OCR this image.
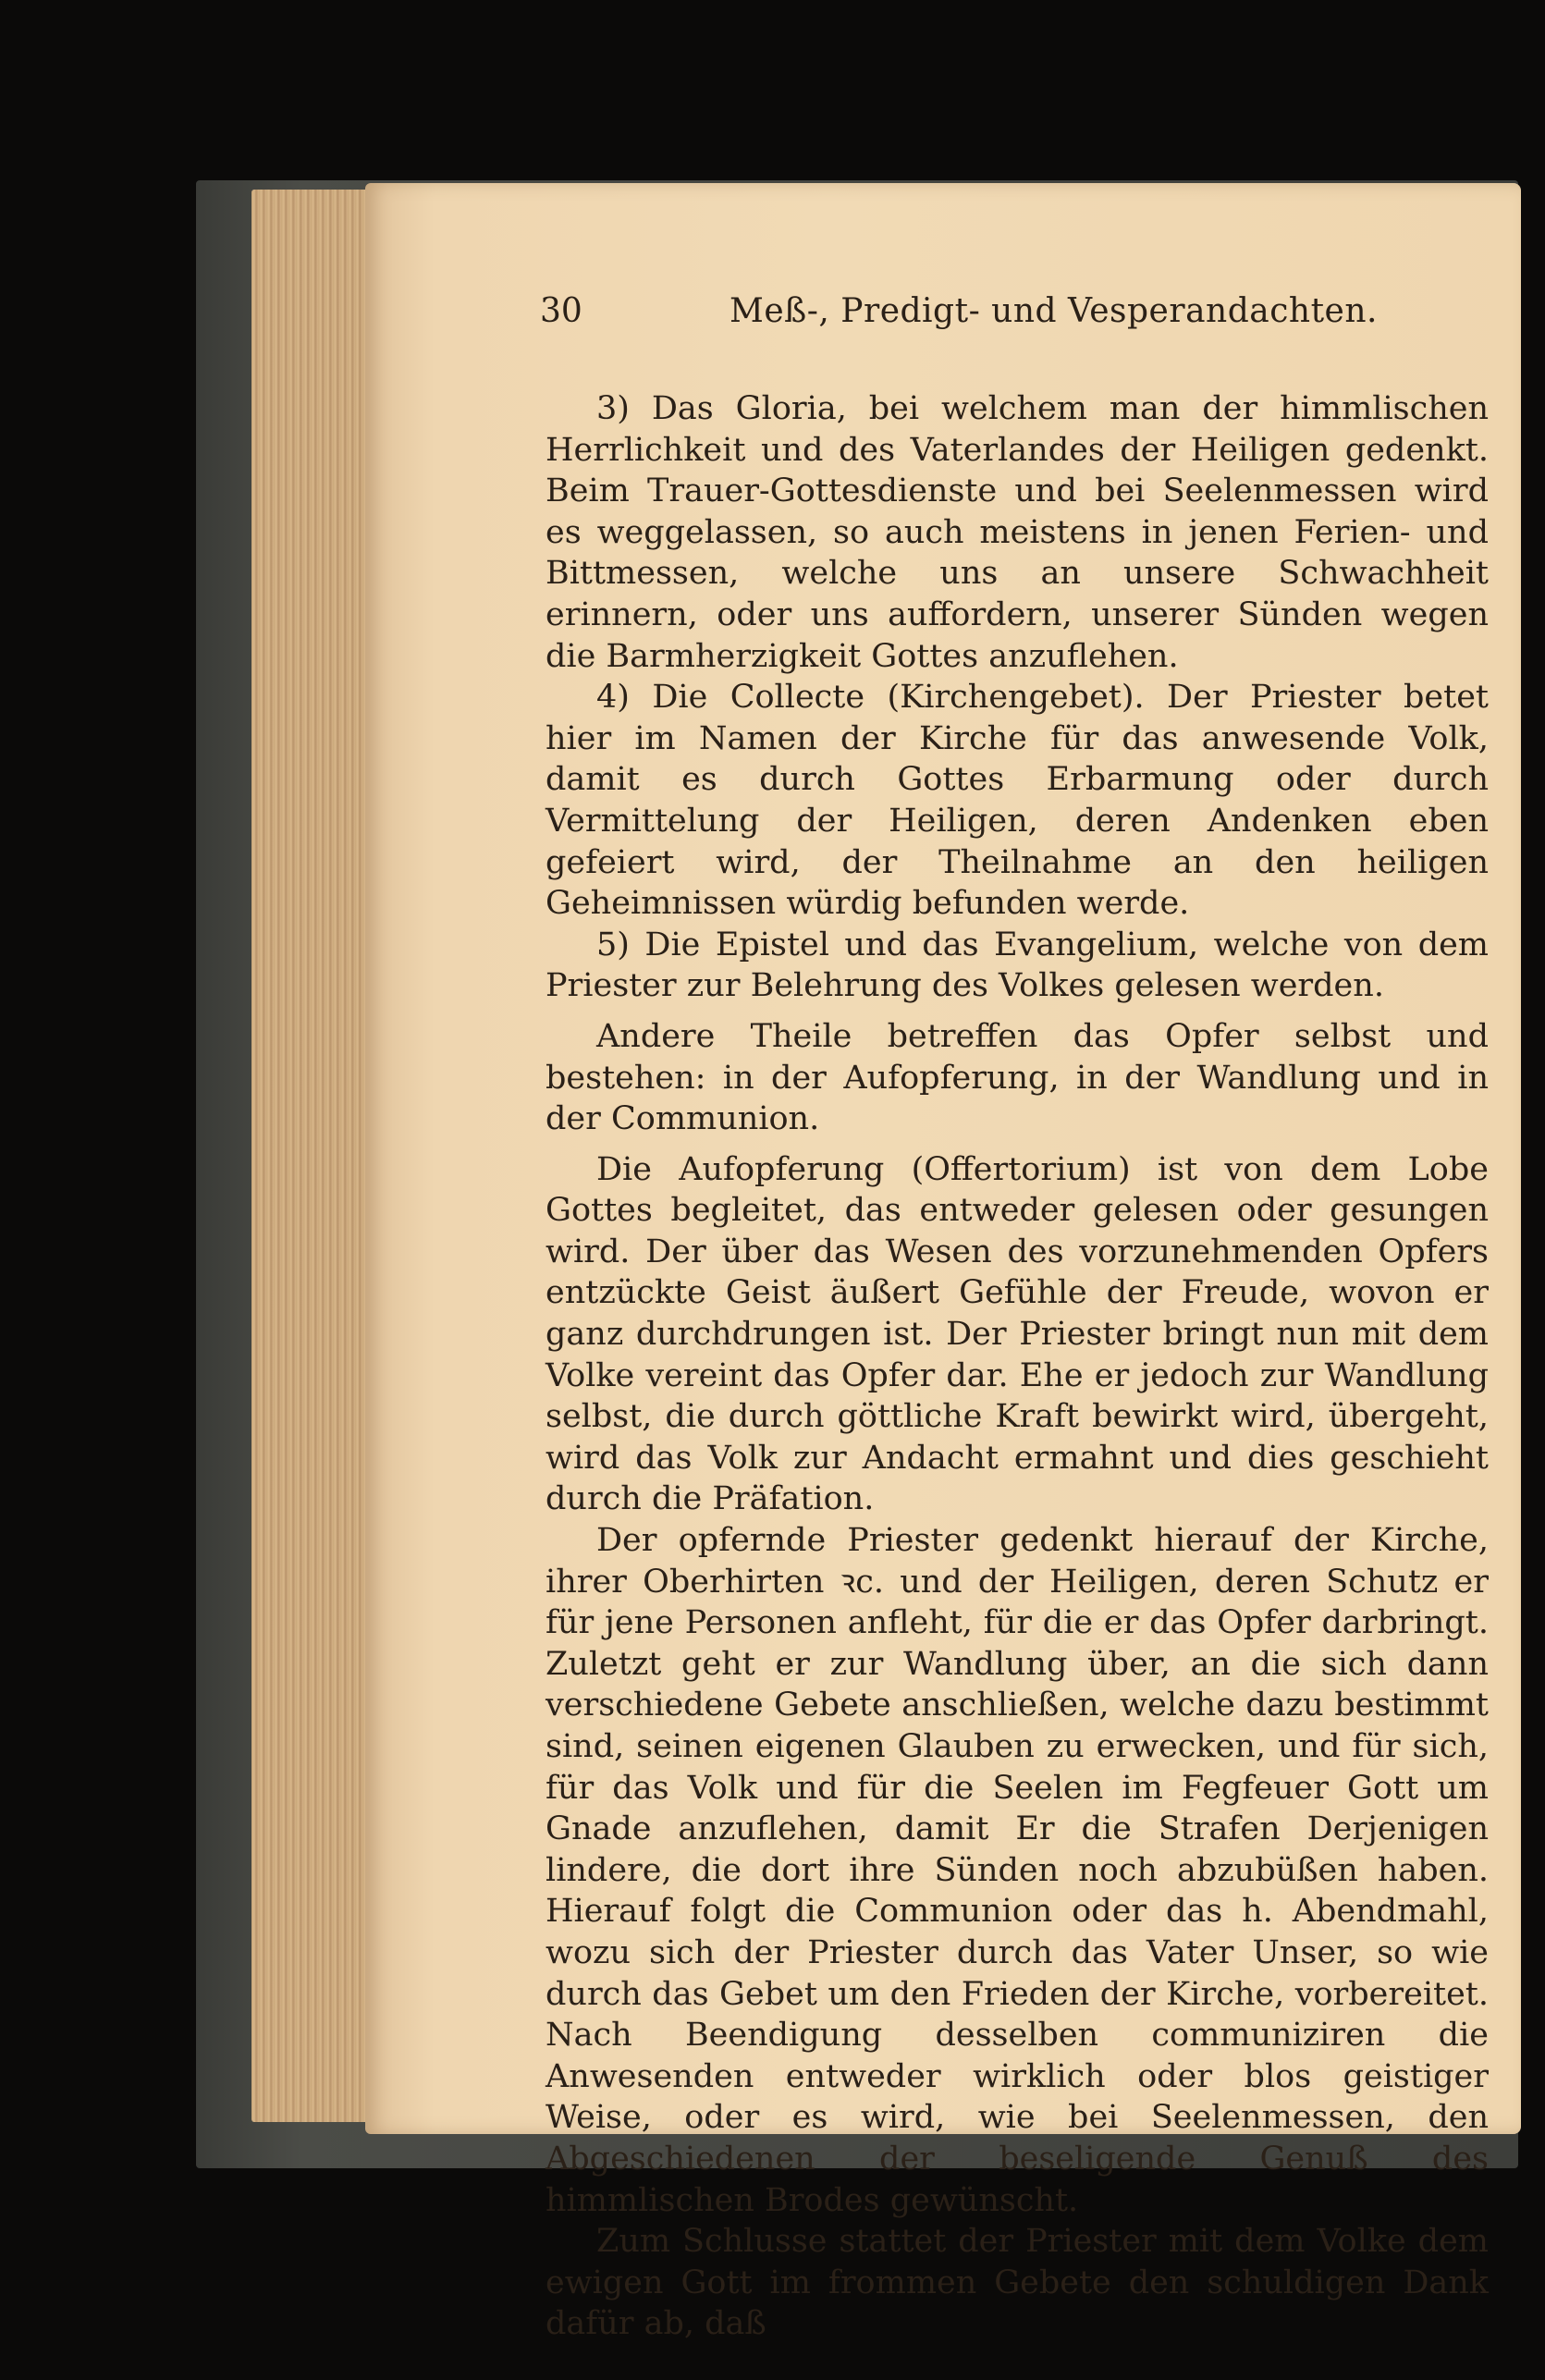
30	Meß-, Predigt- und Vesperandachten.

3) Das Gloria, bei welchem man der himmlischen Herrlichkeit und des Vaterlandes der Heiligen gedenkt. Beim Trauer-Gottesdienste und bei Seelenmessen wird es weggelassen, so auch meistens in jenen Ferien- und Bittmessen, welche uns an unsere Schwachheit erinnern, oder uns auffordern, unserer Sünden wegen die Barmherzigkeit Gottes anzuflehen.

4) Die Collecte (Kirchengebet). Der Priester betet hier im Namen der Kirche für das anwesende Volk, damit es durch Gottes Erbarmung oder durch Vermittelung der Heiligen, deren Andenken eben gefeiert wird, der Theilnahme an den heiligen Geheimnissen würdig befunden werde.

5) Die Epistel und das Evangelium, welche von dem Priester zur Belehrung des Volkes gelesen werden.

Andere Theile betreffen das Opfer selbst und bestehen: in der Aufopferung, in der Wandlung und in der Communion.

Die Aufopferung (Offertorium) ist von dem Lobe Gottes begleitet, das entweder gelesen oder gesungen wird. Der über das Wesen des vorzunehmenden Opfers entzückte Geist äußert Gefühle der Freude, wovon er ganz durchdrungen ist. Der Priester bringt nun mit dem Volke vereint das Opfer dar. Ehe er jedoch zur Wandlung selbst, die durch göttliche Kraft bewirkt wird, übergeht, wird das Volk zur Andacht ermahnt und dies geschieht durch die Präfation.

Der opfernde Priester gedenkt hierauf der Kirche, ihrer Oberhirten ꝛc. und der Heiligen, deren Schutz er für jene Personen anfleht, für die er das Opfer darbringt. Zuletzt geht er zur Wandlung über, an die sich dann verschiedene Gebete anschließen, welche dazu bestimmt sind, seinen eigenen Glauben zu erwecken, und für sich, für das Volk und für die Seelen im Fegfeuer Gott um Gnade anzuflehen, damit Er die Strafen Derjenigen lindere, die dort ihre Sünden noch abzubüßen haben. Hierauf folgt die Communion oder das h. Abendmahl, wozu sich der Priester durch das Vater Unser, so wie durch das Gebet um den Frieden der Kirche, vorbereitet. Nach Beendigung desselben communiziren die Anwesenden entweder wirklich oder blos geistiger Weise, oder es wird, wie bei Seelenmessen, den Abgeschiedenen der beseligende Genuß des himmlischen Brodes gewünscht.

Zum Schlusse stattet der Priester mit dem Volke dem ewigen Gott im frommen Gebete den schuldigen Dank dafür ab, daß
